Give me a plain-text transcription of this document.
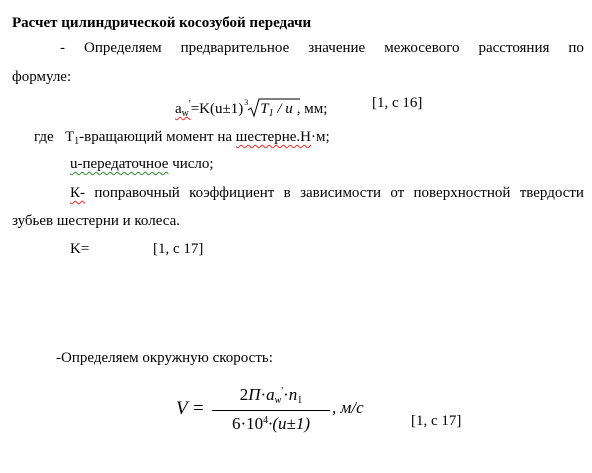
Расчет цилиндрической косозубой передачи
- Определяем предварительное значение межосевого расстояния по
формуле:
$a_w'=K(u\pm 1)^3$ $T_1$ / u , мм;	[1, с 16]
где $T_1$-вращающий момент на шестерне.Н·м;
u-передаточное число;
К- поправочный коэффициент в зависимости от поверхностной твердости
зубьев шестерни и колеса.
K=	[1, с 17]
-Определяем окружную скорость:
V =
$2П\cdot a_w'\cdot n_1$
$6\cdot 10^4\cdot(u\pm 1)$
, м/с
[1, с 17]
